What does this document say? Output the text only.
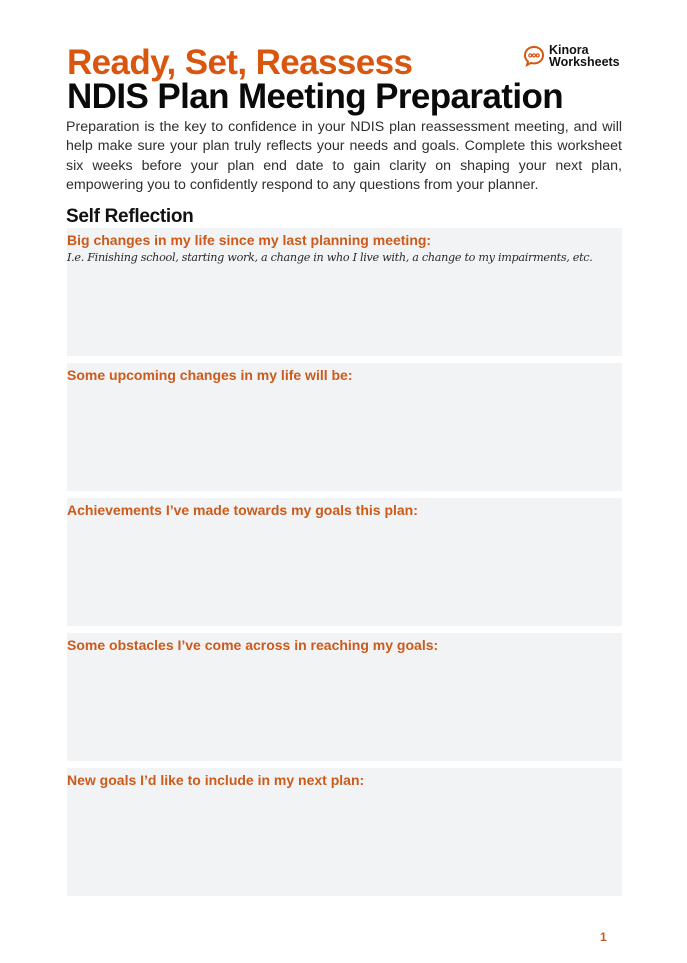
Kinora
Worksheets
Ready, Set, Reassess
NDIS Plan Meeting Preparation

Preparation is the key to confidence in your NDIS plan reassessment meeting, and will help make sure your plan truly reflects your needs and goals. Complete this worksheet six weeks before your plan end date to gain clarity on shaping your next plan, empowering you to confidently respond to any questions from your planner.

Self Reflection
Big changes in my life since my last planning meeting:
I.e. Finishing school, starting work, a change in who I live with, a change to my impairments, etc.
Some upcoming changes in my life will be:
Achievements I’ve made towards my goals this plan:
Some obstacles I’ve come across in reaching my goals:
New goals I’d like to include in my next plan:
1
